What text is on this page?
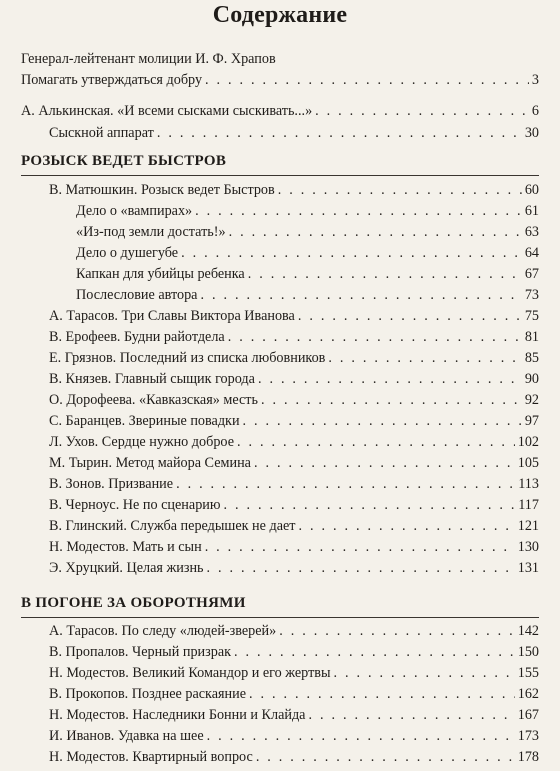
Содержание
Генерал-лейтенант молиции И. Ф. Храпов
Помагать утверждаться добру . . .	3
А. Алькинская. «И всеми сысками сыскивать...» . . .	6
Сыскной аппарат . . .	30
РОЗЫСК ВЕДЕТ БЫСТРОВ
В. Матюшкин. Розыск ведет Быстров . . .	60
Дело о «вампирах» . . .	61
«Из-под земли достать!» . . .	63
Дело о душегубе . . .	64
Капкан для убийцы ребенка . . .	67
Послесловие автора . . .	73
А. Тарасов. Три Славы Виктора Иванова . . .	75
В. Ерофеев. Будни райотдела . . .	81
Е. Грязнов. Последний из списка любовников . . .	85
В. Князев. Главный сыщик города . . .	90
О. Дорофеева. «Кавказская» месть . . .	92
С. Баранцев. Звериные повадки . . .	97
Л. Ухов. Сердце нужно доброе . . .	102
М. Тырин. Метод майора Семина . . .	105
В. Зонов. Призвание . . .	113
В. Черноус. Не по сценарию . . .	117
В. Глинский. Служба передышек не дает . . .	121
Н. Модестов. Мать и сын . . .	130
Э. Хруцкий. Целая жизнь . . .	131
В ПОГОНЕ ЗА ОБОРОТНЯМИ
А. Тарасов. По следу «людей-зверей» . . .	142
В. Пропалов. Черный призрак . . .	150
Н. Модестов. Великий Командор и его жертвы . . .	155
В. Прокопов. Позднее раскаяние . . .	162
Н. Модестов. Наследники Бонни и Клайда . . .	167
И. Иванов. Удавка на шее . . .	173
Н. Модестов. Квартирный вопрос . . .	178
